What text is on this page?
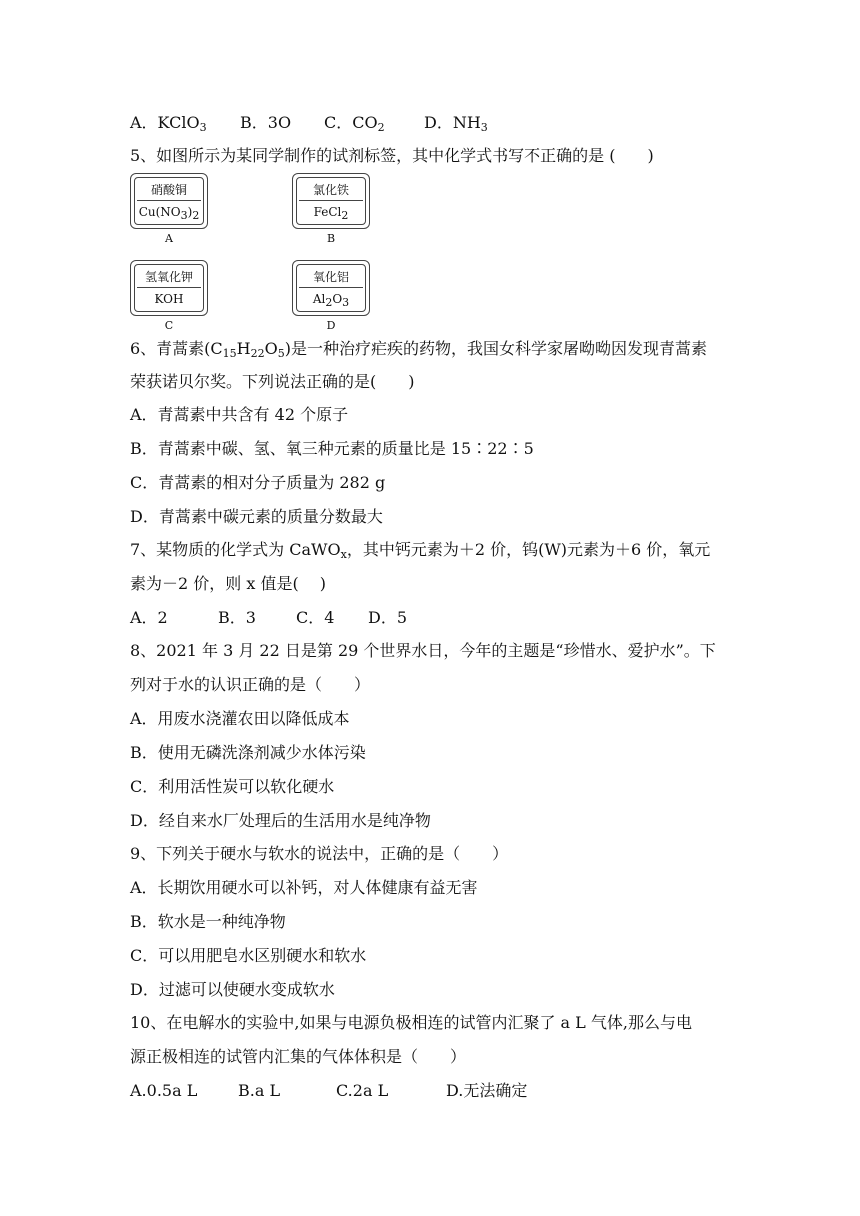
A．KClO$_3$ B．3O C．$CO_2$ D．$NH_3$
5、如图所示为某同学制作的试剂标签，其中化学式书写不正确的是 (　　)
硝酸铜
$Cu(NO_3)_2$
A
氯化铁
FeCl$_2$
B
氢氧化钾
KOH
C
氧化铝
$Al_2O_3$
D
6、青蒿素$(C_{15}H_{22}O_5)$是一种治疗疟疾的药物，我国女科学家屠呦呦因发现青蒿素
荣获诺贝尔奖。下列说法正确的是(　　)
A．青蒿素中共含有 42 个原子
B．青蒿素中碳、氢、氧三种元素的质量比是 15∶22∶5
C．青蒿素的相对分子质量为 282 g
D．青蒿素中碳元素的质量分数最大
7、某物质的化学式为 CaWO$_x$，其中钙元素为＋2 价，钨(W)元素为＋6 价，氧元
素为－2 价，则 x 值是(　 )
A．2	B．3	C．4 D．5
8、2021 年 3 月 22 日是第 29 个世界水日，今年的主题是“珍惜水、爱护水”。下
列对于水的认识正确的是（　　）
A．用废水浇灌农田以降低成本
B．使用无磷洗涤剂减少水体污染
C．利用活性炭可以软化硬水
D．经自来水厂处理后的生活用水是纯净物
9、下列关于硬水与软水的说法中，正确的是（　　）
A．长期饮用硬水可以补钙，对人体健康有益无害
B．软水是一种纯净物
C．可以用肥皂水区别硬水和软水
D．过滤可以使硬水变成软水
10、在电解水的实验中,如果与电源负极相连的试管内汇聚了 a L 气体,那么与电
源正极相连的试管内汇集的气体体积是（　　）
A.0.5a L	B.a L	C.2a L	D.无法确定
